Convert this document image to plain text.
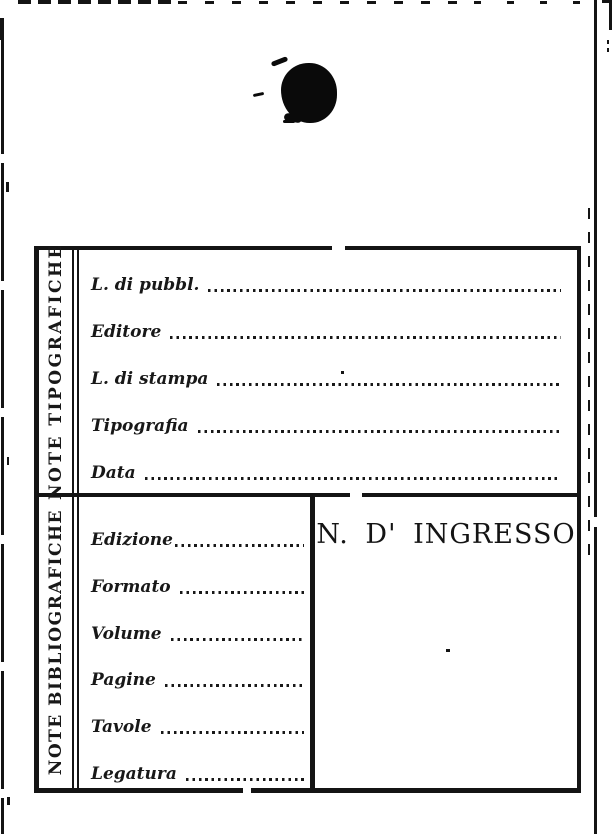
NOTE TIPOGRAFICHE L. di pubbl.
Editore
L. di stampa
Tipografia
Data
NOTE BIBLIOGRAFICHE Edizione
Formato
Volume
Pagine
Tavole
Legatura
N. D' INGRESSO
